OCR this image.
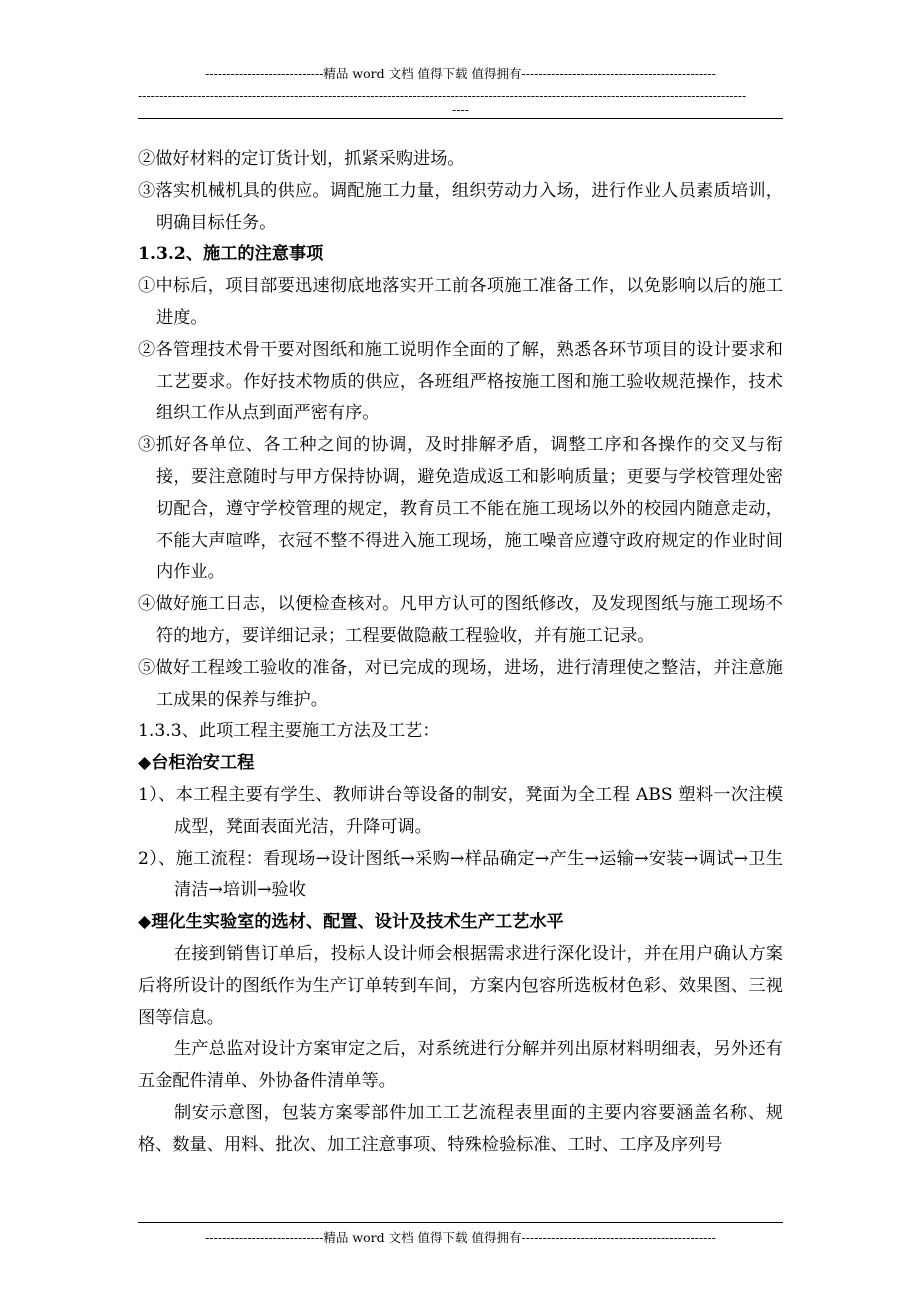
----------------------------精品 word 文档 值得下载 值得拥有----------------------------------------------
------------------------------------------------------------------------------------------------------------------------------------------------
----

②做好材料的定订货计划，抓紧采购进场。

③落实机械机具的供应。调配施工力量，组织劳动力入场，进行作业人员素质培训，明确目标任务。

1.3.2、施工的注意事项

①中标后，项目部要迅速彻底地落实开工前各项施工准备工作，以免影响以后的施工进度。

②各管理技术骨干要对图纸和施工说明作全面的了解，熟悉各环节项目的设计要求和工艺要求。作好技术物质的供应，各班组严格按施工图和施工验收规范操作，技术组织工作从点到面严密有序。

③抓好各单位、各工种之间的协调，及时排解矛盾，调整工序和各操作的交叉与衔接，要注意随时与甲方保持协调，避免造成返工和影响质量；更要与学校管理处密切配合，遵守学校管理的规定，教育员工不能在施工现场以外的校园内随意走动，不能大声喧哗，衣冠不整不得进入施工现场，施工噪音应遵守政府规定的作业时间内作业。

④做好施工日志，以便检查核对。凡甲方认可的图纸修改，及发现图纸与施工现场不符的地方，要详细记录；工程要做隐蔽工程验收，并有施工记录。

⑤做好工程竣工验收的准备，对已完成的现场，进场，进行清理使之整洁，并注意施工成果的保养与维护。

1.3.3、此项工程主要施工方法及工艺：

◆台柜治安工程

1）、本工程主要有学生、教师讲台等设备的制安，凳面为全工程 ABS 塑料一次注模成型，凳面表面光洁，升降可调。

2）、施工流程：看现场→设计图纸→采购→样品确定→产生→运输→安装→调试→卫生清洁→培训→验收

◆理化生实验室的选材、配置、设计及技术生产工艺水平

在接到销售订单后，投标人设计师会根据需求进行深化设计，并在用户确认方案后将所设计的图纸作为生产订单转到车间，方案内包容所选板材色彩、效果图、三视图等信息。

生产总监对设计方案审定之后，对系统进行分解并列出原材料明细表，另外还有五金配件清单、外协备件清单等。

制安示意图，包装方案零部件加工工艺流程表里面的主要内容要涵盖名称、规格、数量、用料、批次、加工注意事项、特殊检验标准、工时、工序及序列号

----------------------------精品 word 文档 值得下载 值得拥有----------------------------------------------
